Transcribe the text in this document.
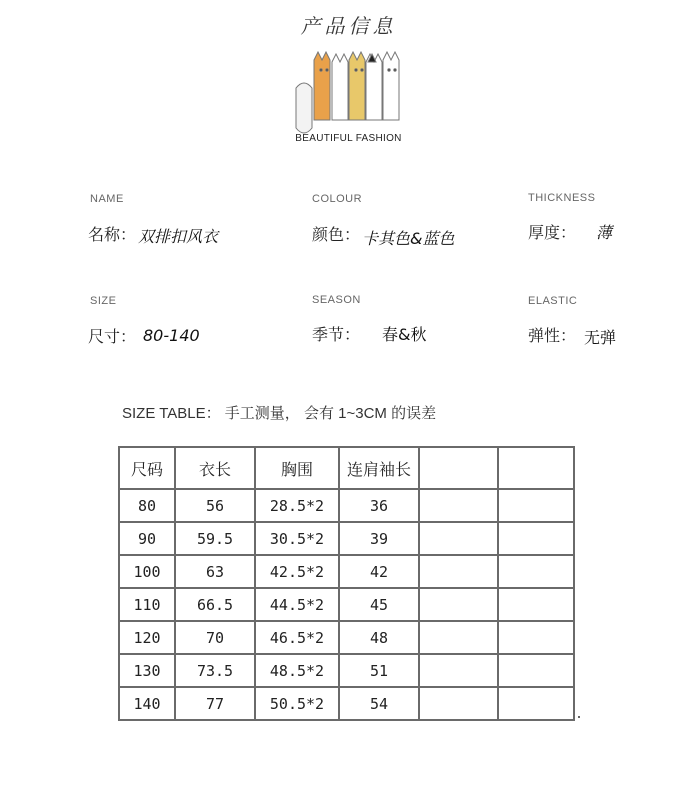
产品信息
BEAUTIFUL FASHION
NAME
名称： 双排扣风衣
COLOUR
颜色： 卡其色&蓝色
THICKNESS
厚度： 薄
SIZE
尺寸： 80-140
SEASON
季节： 春&秋
ELASTIC
弹性： 无弹
SIZE TABLE： 手工测量， 会有 1~3CM 的误差
尺码	衣长	胸围	连肩袖长		
80	56	28.5*2	36		
90	59.5	30.5*2	39		
100	63	42.5*2	42		
110	66.5	44.5*2	45		
120	70	46.5*2	48		
130	73.5	48.5*2	51		
140	77	50.5*2	54		
